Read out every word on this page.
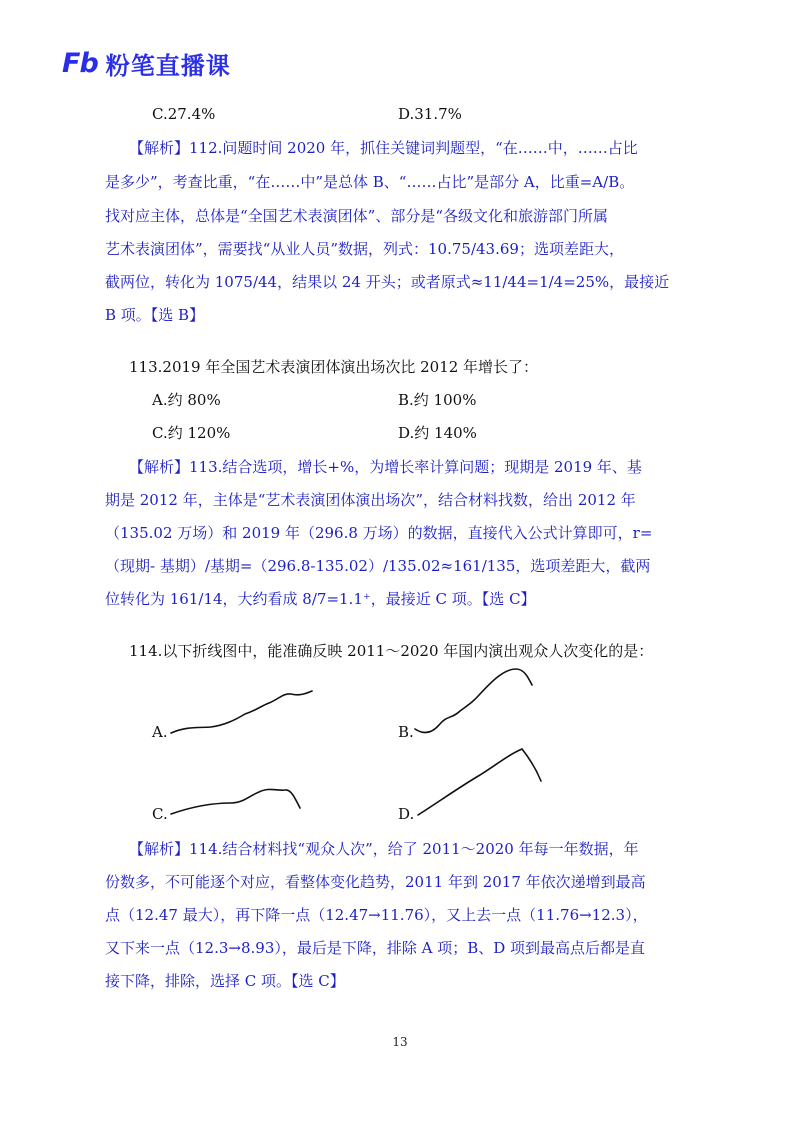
Fb 粉笔直播课
C.27.4%	D.31.7%
【解析】112.问题时间 2020 年，抓住关键词判题型，“在……中，……占比
是多少”，考查比重，“在……中”是总体 B、“……占比”是部分 A，比重=A/B。
找对应主体，总体是“全国艺术表演团体”、部分是“各级文化和旅游部门所属
艺术表演团体”，需要找“从业人员”数据，列式：10.75/43.69；选项差距大，
截两位，转化为 1075/44，结果以 24 开头；或者原式≈11/44=1/4=25%，最接近
B 项。【选 B】
113.2019 年全国艺术表演团体演出场次比 2012 年增长了：
A.约 80%	B.约 100%
C.约 120%	D.约 140%
【解析】113.结合选项，增长+%，为增长率计算问题；现期是 2019 年、基
期是 2012 年，主体是“艺术表演团体演出场次”，结合材料找数，给出 2012 年
（135.02 万场）和 2019 年（296.8 万场）的数据，直接代入公式计算即可，r=
（现期- 基期）/基期=（296.8-135.02）/135.02≈161/135，选项差距大，截两
位转化为 161/14，大约看成 8/7=1.1⁺，最接近 C 项。【选 C】
114.以下折线图中，能准确反映 2011～2020 年国内演出观众人次变化的是：
A.	B.
C.	D.
【解析】114.结合材料找“观众人次”，给了 2011～2020 年每一年数据，年
份数多，不可能逐个对应，看整体变化趋势，2011 年到 2017 年依次递增到最高
点（12.47 最大），再下降一点（12.47→11.76），又上去一点（11.76→12.3），
又下来一点（12.3→8.93），最后是下降，排除 A 项；B、D 项到最高点后都是直
接下降，排除，选择 C 项。【选 C】
13
